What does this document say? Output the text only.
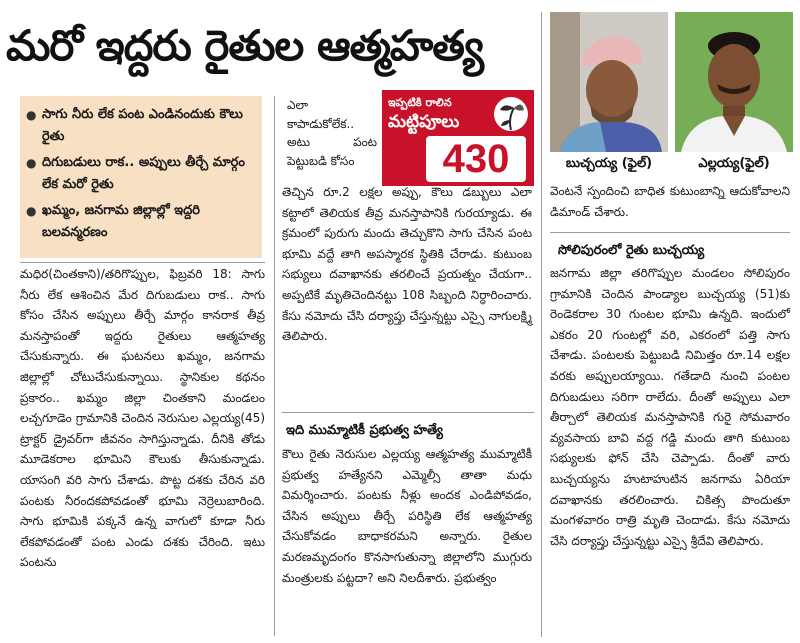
మరో ఇద్దరు రైతుల ఆత్మహత్య
బుచ్చయ్య (ఫైల్)	ఎల్లయ్య(ఫైల్)
● సాగు నీరు లేక పంట ఎండినందుకు కౌలు రైతు
● దిగుబడులు రాక.. అప్పులు తీర్చే మార్గం లేక మరో రైతు
● ఖమ్మం, జనగామ జిల్లాల్లో ఇద్దరి బలవన్మరణం

మధిర(చింతకాని)/తరిగొప్పుల, ఫిబ్రవరి 18: సాగు నీరు లేక ఆశించిన మేర దిగుబడులు రాక.. సాగు కోసం చేసిన అప్పులు తీర్చే మార్గం కానరాక తీవ్ర మనస్తాపంతో ఇద్దరు రైతులు ఆత్మహత్య చేసుకున్నారు. ఈ ఘటనలు ఖమ్మం, జనగామ జిల్లాల్లో చోటుచేసుకున్నాయి. స్థానికుల కథనం ప్రకారం.. ఖమ్మం జిల్లా చింతకాని మండలం లచ్చగూడెం గ్రామానికి చెందిన నెరుసుల ఎల్లయ్య(45) ట్రాక్టర్ డ్రైవర్‌గా జీవనం సాగిస్తున్నాడు. దీనికి తోడు మూడెకరాల భూమిని కౌలుకు తీసుకున్నాడు. యాసంగి వరి సాగు చేశాడు. పొట్ట దశకు చేరిన వరి పంటకు నీరందకపోవడంతో భూమి నెర్రెలుబారింది. సాగు భూమికి పక్కనే ఉన్న వాగులో కూడా నీరు లేకపోవడంతో పంట ఎండు దశకు చేరింది. ఇటు పంటను

ఎలా కాపాడుకోలేక.. అటు పంట పెట్టుబడి కోసం

ఇప్పటికి రాలిన
మట్టిపూలు
430

తెచ్చిన రూ.2 లక్షల అప్పు, కౌలు డబ్బులు ఎలా కట్టాలో తెలియక తీవ్ర మనస్తాపానికి గురయ్యాడు. ఈ క్రమంలో పురుగు మందు తెచ్చుకొని సాగు చేసిన పంట భూమి వద్దే తాగి అపస్మారక స్థితికి చేరాడు. కుటుంబ సభ్యులు దవాఖానకు తరలించే ప్రయత్నం చేయగా.. అప్పటికే మృతిచెందినట్టు 108 సిబ్బంది నిర్ధారించారు. కేసు నమోదు చేసి దర్యాప్తు చేస్తున్నట్టు ఎస్సై నాగులక్ష్మి తెలిపారు.

ఇది ముమ్మాటికీ ప్రభుత్వ హత్యే

కౌలు రైతు నెరుసుల ఎల్లయ్య ఆత్మహత్య ముమ్మాటికీ ప్రభుత్వ హత్యేనని ఎమ్మెల్సీ తాతా మధు విమర్శించారు. పంటకు నీళ్లు అందక ఎండిపోవడం, చేసిన అప్పులు తీర్చే పరిస్థితి లేక ఆత్మహత్య చేసుకోవడం బాధాకరమని అన్నారు. రైతుల మరణమృదంగం కొనసాగుతున్నా జిల్లాలోని ముగ్గురు మంత్రులకు పట్టదా? అని నిలదీశారు. ప్రభుత్వం

వెంటనే స్పందించి బాధిత కుటుంబాన్ని ఆదుకోవాలని డిమాండ్ చేశారు.

సోలిపురంలో రైతు బుచ్చయ్య

జనగామ జిల్లా తరిగొప్పుల మండలం సోలిపురం గ్రామానికి చెందిన పాండ్యాల బుచ్చయ్య (51)కు రెండెకరాల 30 గుంటల భూమి ఉన్నది. ఇందులో ఎకరం 20 గుంటల్లో వరి, ఎకరంలో పత్తి సాగు చేశాడు. పంటలకు పెట్టుబడి నిమిత్తం రూ.14 లక్షల వరకు అప్పులయ్యాయి. గతేడాది నుంచి పంటల దిగుబడులు సరిగా రాలేదు. దీంతో అప్పులు ఎలా తీర్చాలో తెలియక మనస్తాపానికి గురై సోమవారం వ్యవసాయ బావి వద్ద గడ్డి మందు తాగి కుటుంబ సభ్యులకు ఫోన్ చేసి చెప్పాడు. దీంతో వారు బుచ్చయ్యను హుటాహుటిన జనగామ ఏరియా దవాఖానకు తరలించారు. చికిత్స పొందుతూ మంగళవారం రాత్రి మృతి చెందాడు. కేసు నమోదు చేసి దర్యాప్తు చేస్తున్నట్టు ఎస్సై శ్రీదేవి తెలిపారు.
